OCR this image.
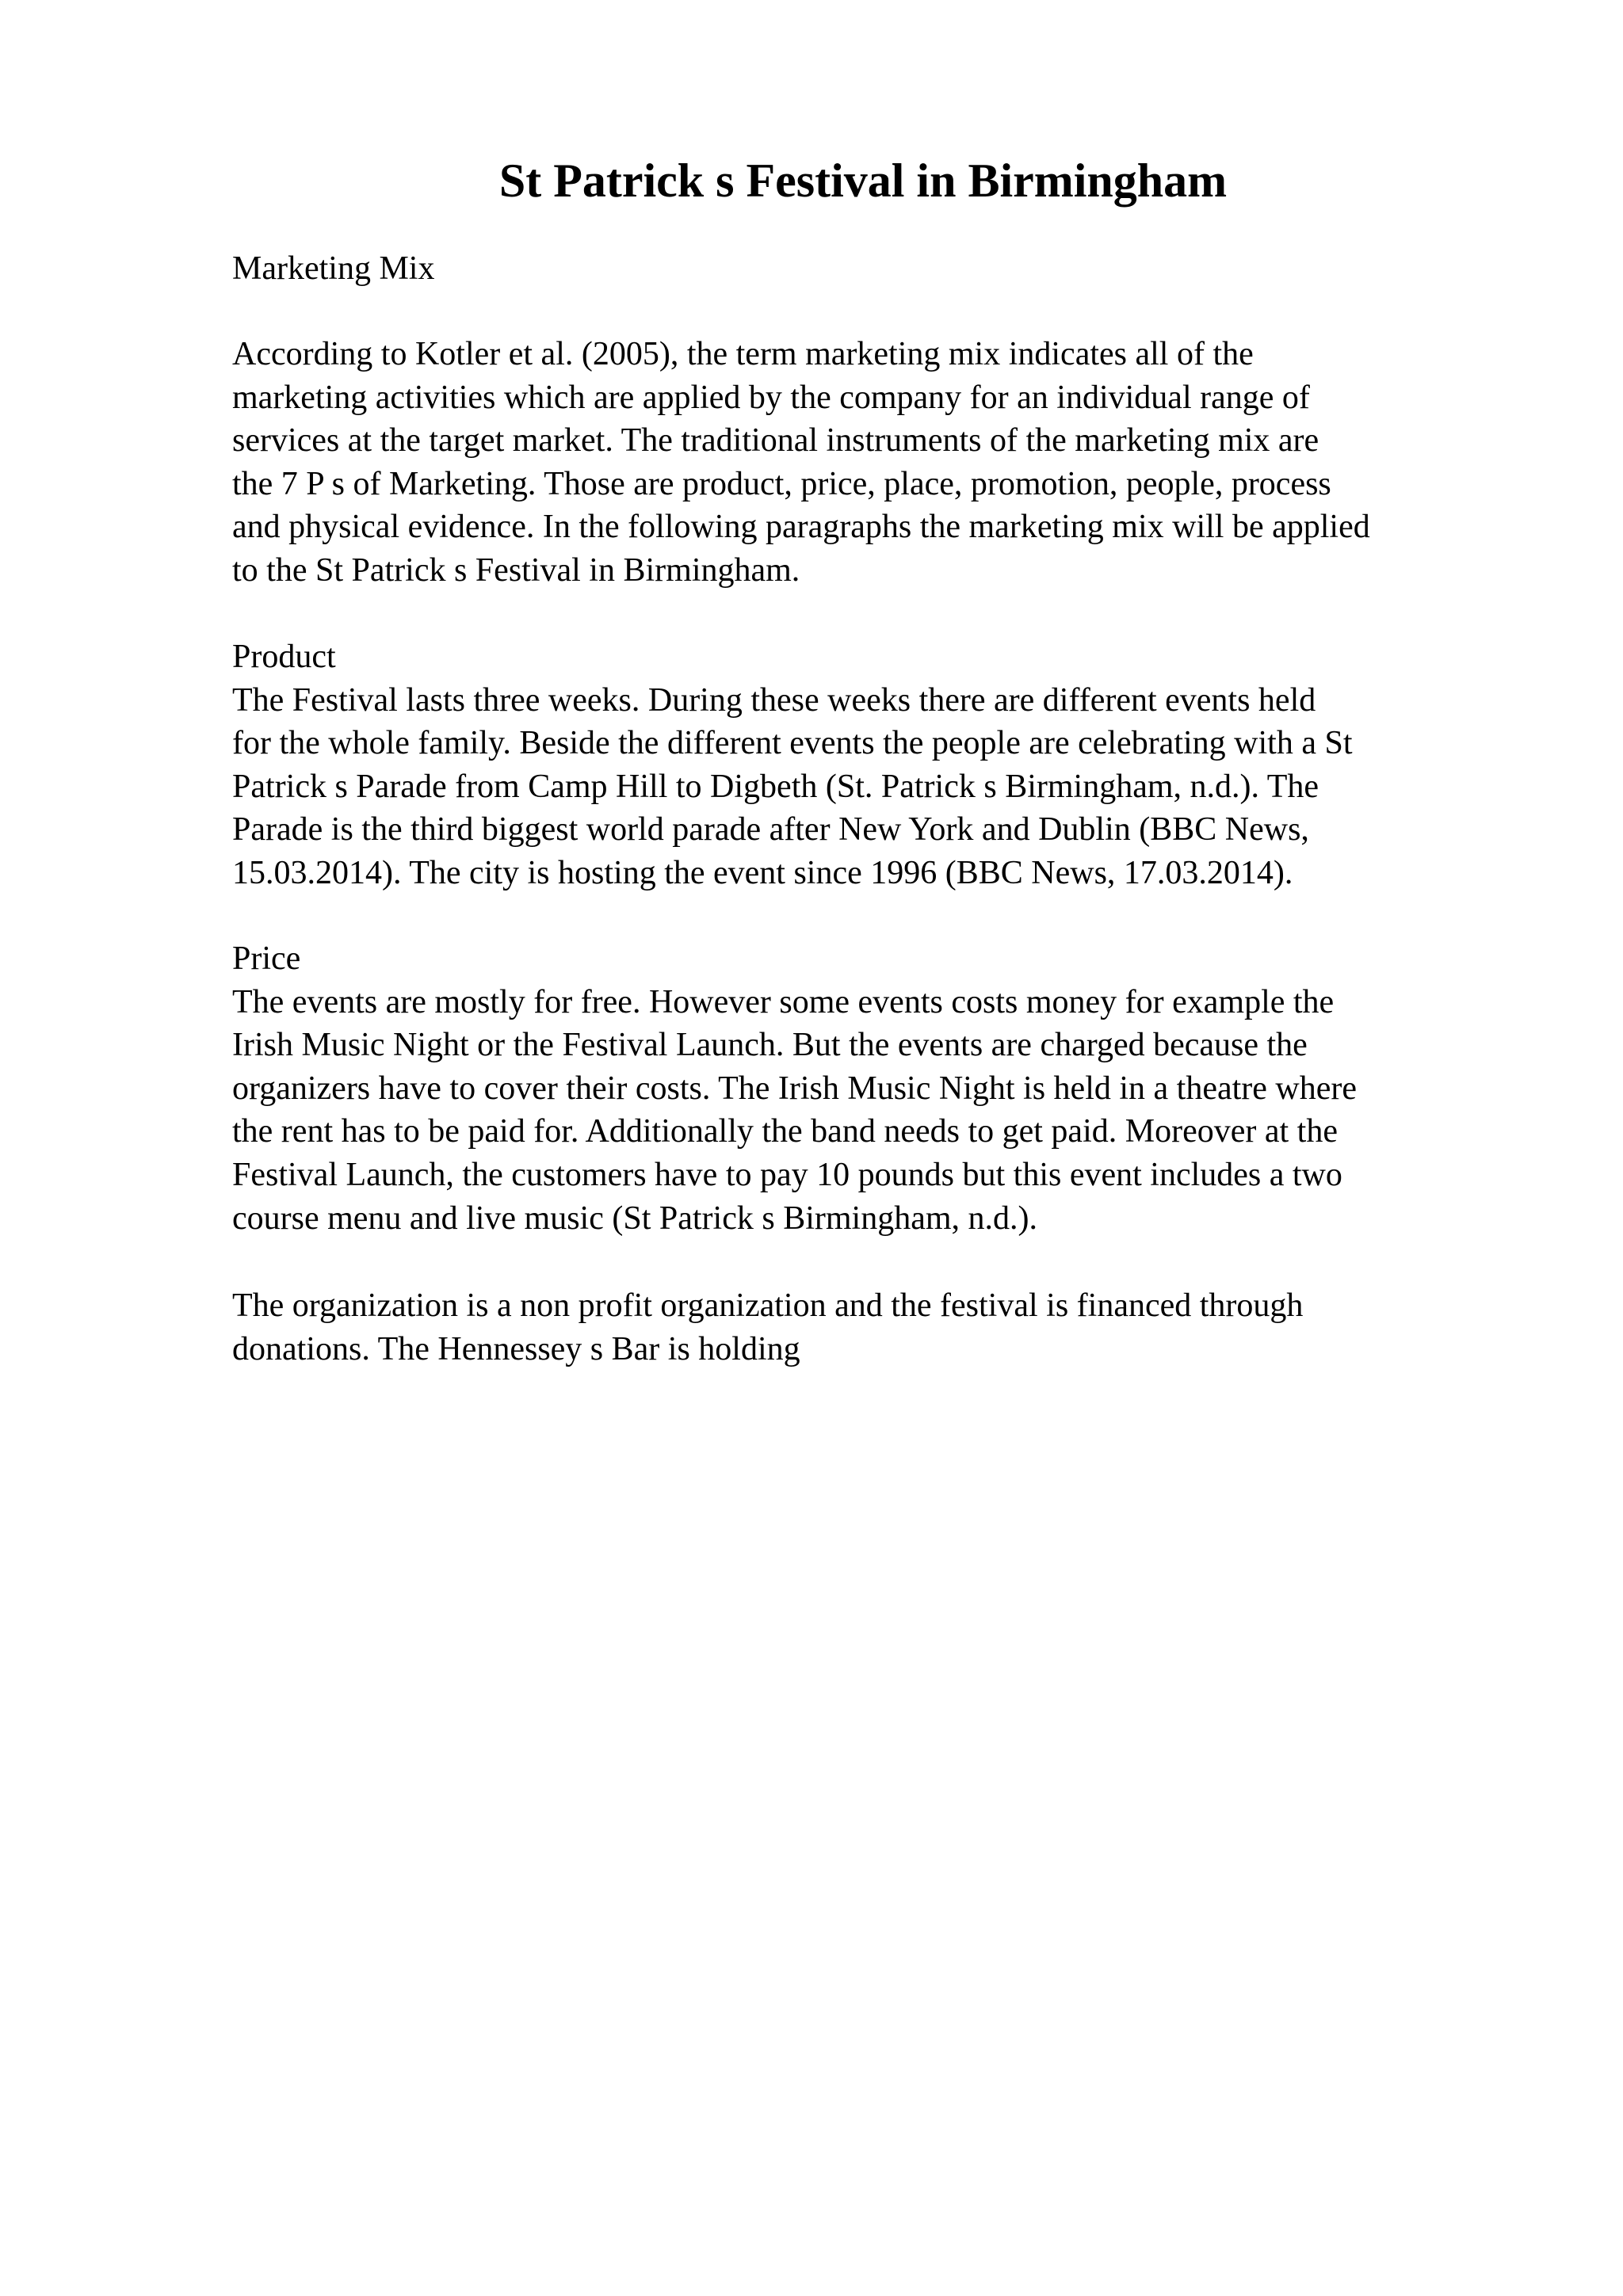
St Patrick s Festival in Birmingham

Marketing Mix

According to Kotler et al. (2005), the term marketing mix indicates all of the
marketing activities which are applied by the company for an individual range of
services at the target market. The traditional instruments of the marketing mix are
the 7 P s of Marketing. Those are product, price, place, promotion, people, process
and physical evidence. In the following paragraphs the marketing mix will be applied
to the St Patrick s Festival in Birmingham.
Product
The Festival lasts three weeks. During these weeks there are different events held
for the whole family. Beside the different events the people are celebrating with a St
Patrick s Parade from Camp Hill to Digbeth (St. Patrick s Birmingham, n.d.). The
Parade is the third biggest world parade after New York and Dublin (BBC News,
15.03.2014). The city is hosting the event since 1996 (BBC News, 17.03.2014).
Price
The events are mostly for free. However some events costs money for example the
Irish Music Night or the Festival Launch. But the events are charged because the
organizers have to cover their costs. The Irish Music Night is held in a theatre where
the rent has to be paid for. Additionally the band needs to get paid. Moreover at the
Festival Launch, the customers have to pay 10 pounds but this event includes a two
course menu and live music (St Patrick s Birmingham, n.d.).
The organization is a non profit organization and the festival is financed through
donations. The Hennessey s Bar is holding
